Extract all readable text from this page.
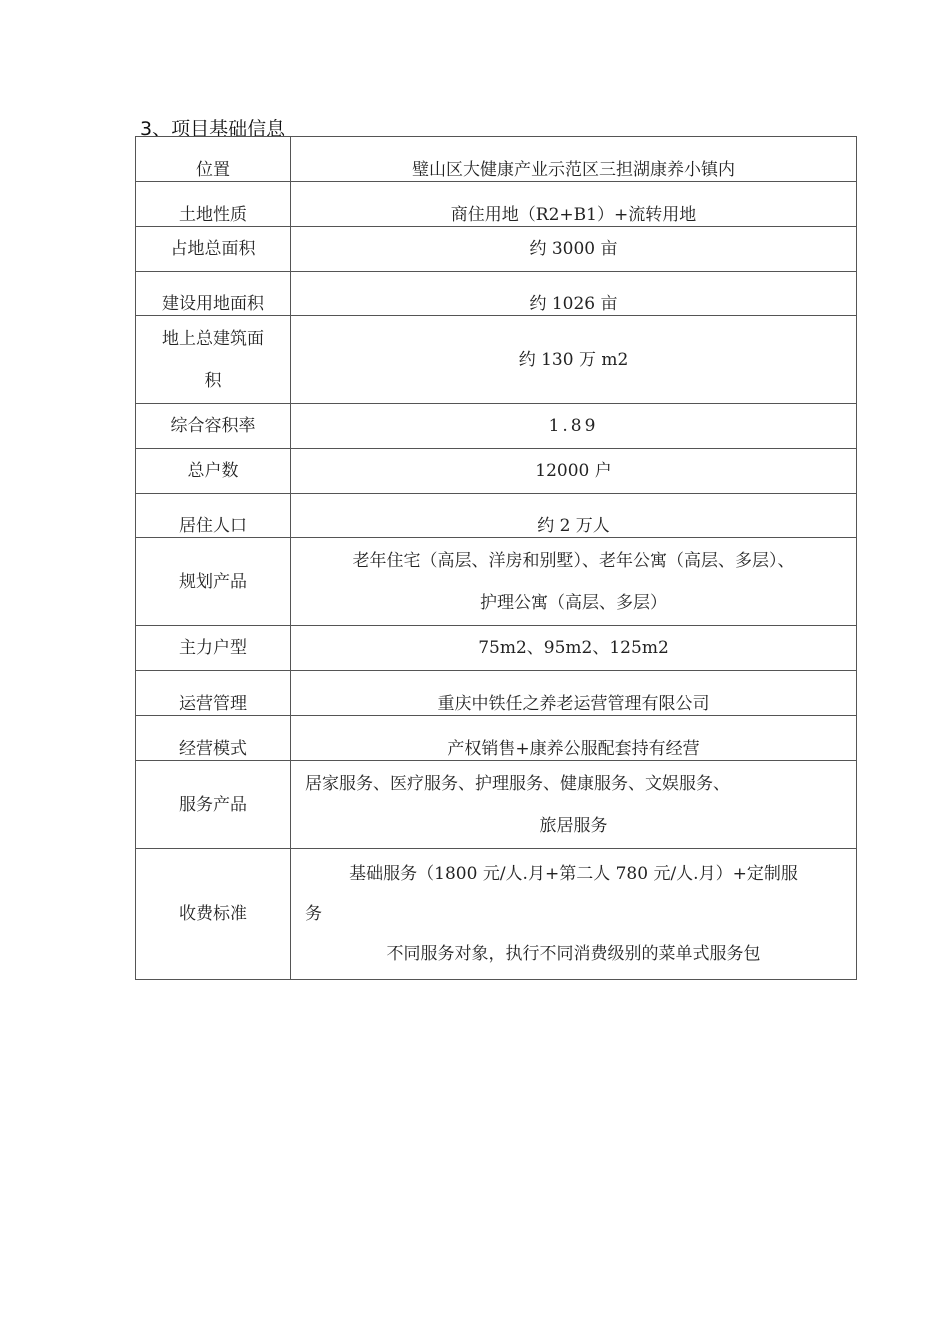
3、项目基础信息
位置	璧山区大健康产业示范区三担湖康养小镇内

土地性质	商住用地（R2+B1）+流转用地

占地总面积	约 3000 亩

建设用地面积	约 1026 亩

地上总建筑面
积	约 130 万 m2

综合容积率	1.89

总户数	12000 户

居住人口	约 2 万人

规划产品	老年住宅（高层、洋房和别墅）、老年公寓（高层、多层）、
护理公寓（高层、多层）

主力户型	75m2、95m2、125m2

运营管理	重庆中铁任之养老运营管理有限公司

经营模式	产权销售+康养公服配套持有经营

服务产品	居家服务、医疗服务、护理服务、健康服务、文娱服务、
旅居服务

收费标准	基础服务（1800 元/人.月+第二人 780 元/人.月）+定制服
务
不同服务对象，执行不同消费级别的菜单式服务包
